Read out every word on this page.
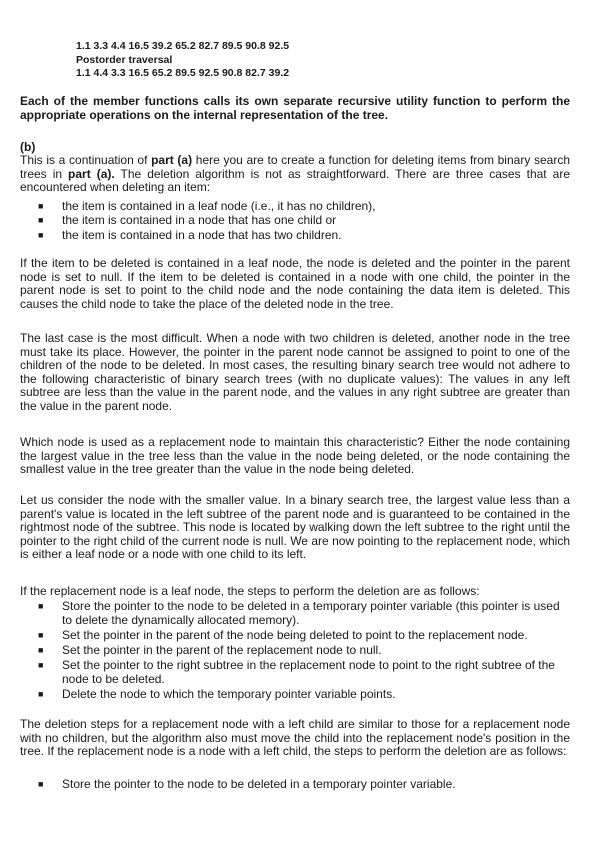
1.1 3.3 4.4 16.5 39.2 65.2 82.7 89.5 90.8 92.5
Postorder traversal
1.1 4.4 3.3 16.5 65.2 89.5 92.5 90.8 82.7 39.2
Each of the member functions calls its own separate recursive utility function to perform the appropriate operations on the internal representation of the tree.
(b)
This is a continuation of part (a) here you are to create a function for deleting items from binary search trees in part (a). The deletion algorithm is not as straightforward. There are three cases that are encountered when deleting an item:
■ the item is contained in a leaf node (i.e., it has no children),
■ the item is contained in a node that has one child or
■ the item is contained in a node that has two children.
If the item to be deleted is contained in a leaf node, the node is deleted and the pointer in the parent node is set to null. If the item to be deleted is contained in a node with one child, the pointer in the parent node is set to point to the child node and the node containing the data item is deleted. This causes the child node to take the place of the deleted node in the tree.
The last case is the most difficult. When a node with two children is deleted, another node in the tree must take its place. However, the pointer in the parent node cannot be assigned to point to one of the children of the node to be deleted. In most cases, the resulting binary search tree would not adhere to the following characteristic of binary search trees (with no duplicate values): The values in any left subtree are less than the value in the parent node, and the values in any right subtree are greater than the value in the parent node.
Which node is used as a replacement node to maintain this characteristic? Either the node containing the largest value in the tree less than the value in the node being deleted, or the node containing the smallest value in the tree greater than the value in the node being deleted.
Let us consider the node with the smaller value. In a binary search tree, the largest value less than a parent's value is located in the left subtree of the parent node and is guaranteed to be contained in the rightmost node of the subtree. This node is located by walking down the left subtree to the right until the pointer to the right child of the current node is null. We are now pointing to the replacement node, which is either a leaf node or a node with one child to its left.
If the replacement node is a leaf node, the steps to perform the deletion are as follows:
■ Store the pointer to the node to be deleted in a temporary pointer variable (this pointer is used to delete the dynamically allocated memory).
■ Set the pointer in the parent of the node being deleted to point to the replacement node.
■ Set the pointer in the parent of the replacement node to null.
■ Set the pointer to the right subtree in the replacement node to point to the right subtree of the node to be deleted.
■ Delete the node to which the temporary pointer variable points.
The deletion steps for a replacement node with a left child are similar to those for a replacement node with no children, but the algorithm also must move the child into the replacement node's position in the tree. If the replacement node is a node with a left child, the steps to perform the deletion are as follows:
■ Store the pointer to the node to be deleted in a temporary pointer variable.
